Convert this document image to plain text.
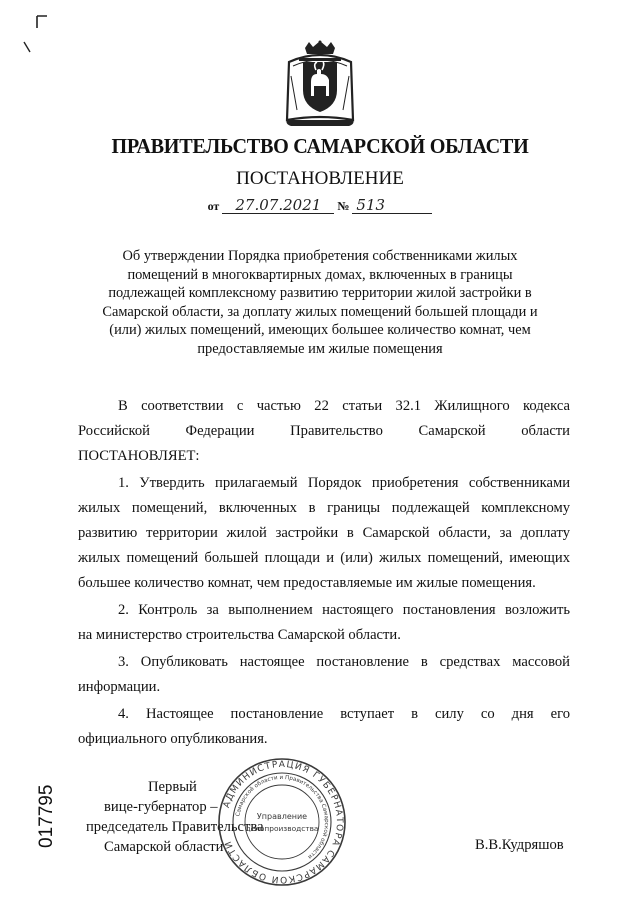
ПРАВИТЕЛЬСТВО САМАРСКОЙ ОБЛАСТИ
ПОСТАНОВЛЕНИЕ
от 27.07.2021 № 513
Об утверждении Порядка приобретения собственниками жилых
помещений в многоквартирных домах, включенных в границы
подлежащей комплексному развитию территории жилой застройки в
Самарской области, за доплату жилых помещений большей площади и
(или) жилых помещений, имеющих большее количество комнат, чем
предоставляемые им жилые помещения
В соответствии с частью 22 статьи 32.1 Жилищного кодекса
Российской Федерации Правительство Самарской области
ПОСТАНОВЛЯЕТ:
1. Утвердить прилагаемый Порядок приобретения собственниками
жилых помещений, включенных в границы подлежащей комплексному
развитию территории жилой застройки в Самарской области, за доплату
жилых помещений большей площади и (или) жилых помещений, имеющих
большее количество комнат, чем предоставляемые им жилые помещения.
2. Контроль за выполнением настоящего постановления возложить
на министерство строительства Самарской области.
3. Опубликовать настоящее постановление в средствах массовой
информации.
4. Настоящее постановление вступает в силу со дня его
официального опубликования.
Первый
вице-губернатор –
председатель Правительства
Самарской области	В.В.Кудряшов
017795	АДМИНИСТРАЦИЯ ГУБЕРНАТОРА САМАРСКОЙ ОБЛАСТИ
Самарской области и Правительства Самарской области
Управление
делопроизводства
